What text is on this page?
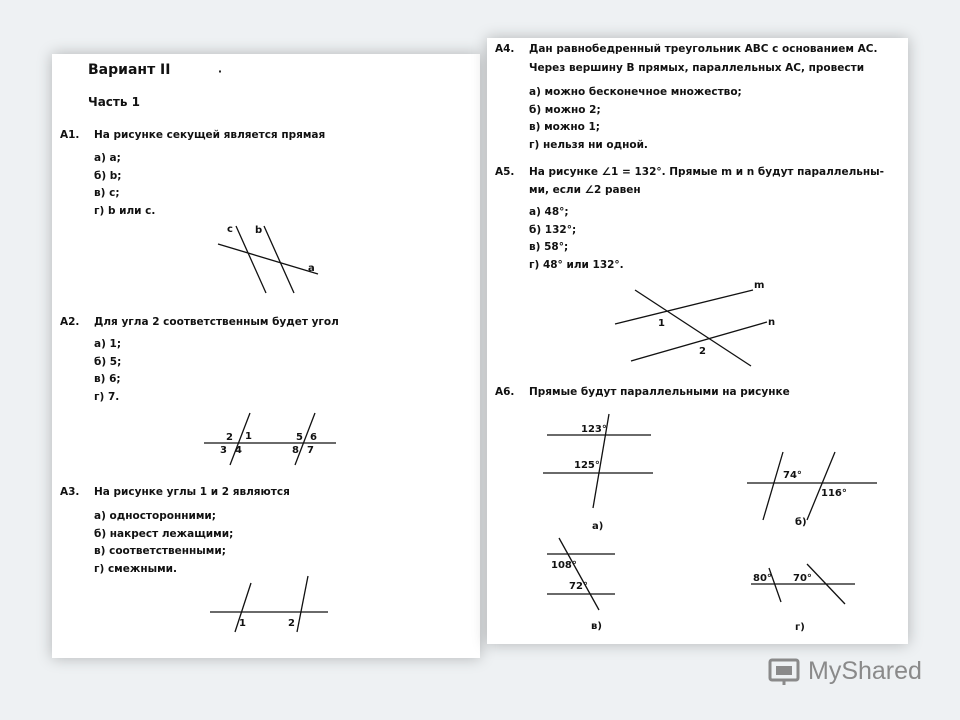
Вариант II	·
Часть 1
А1. На рисунке секущей является прямая
а) a;
б) b;
в) c;
г) b или c.
c b
a
А2. Для угла 2 соответственным будет угол
а) 1;
б) 5;
в) 6;
г) 7.
2 1
3 4
5 6
8 7
А3. На рисунке углы 1 и 2 являются
а) односторонними;
б) накрест лежащими;
в) соответственными;
г) смежными.
1	2
А4. Дан равнобедренный треугольник ABC с основанием AC.
Через вершину B прямых, параллельных AC, провести
а) можно бесконечное множество;
б) можно 2;
в) можно 1;
г) нельзя ни одной.
А5. На рисунке ∠1 = 132°. Прямые m и n будут параллельны-
ми, если ∠2 равен
а) 48°;
б) 132°;
в) 58°;
г) 48° или 132°.
m
n
1
2
А6. Прямые будут параллельными на рисунке
123°
125°
а)
74°
116°
б)
108°
72°
в)
80° 70°
г)
MyShared
